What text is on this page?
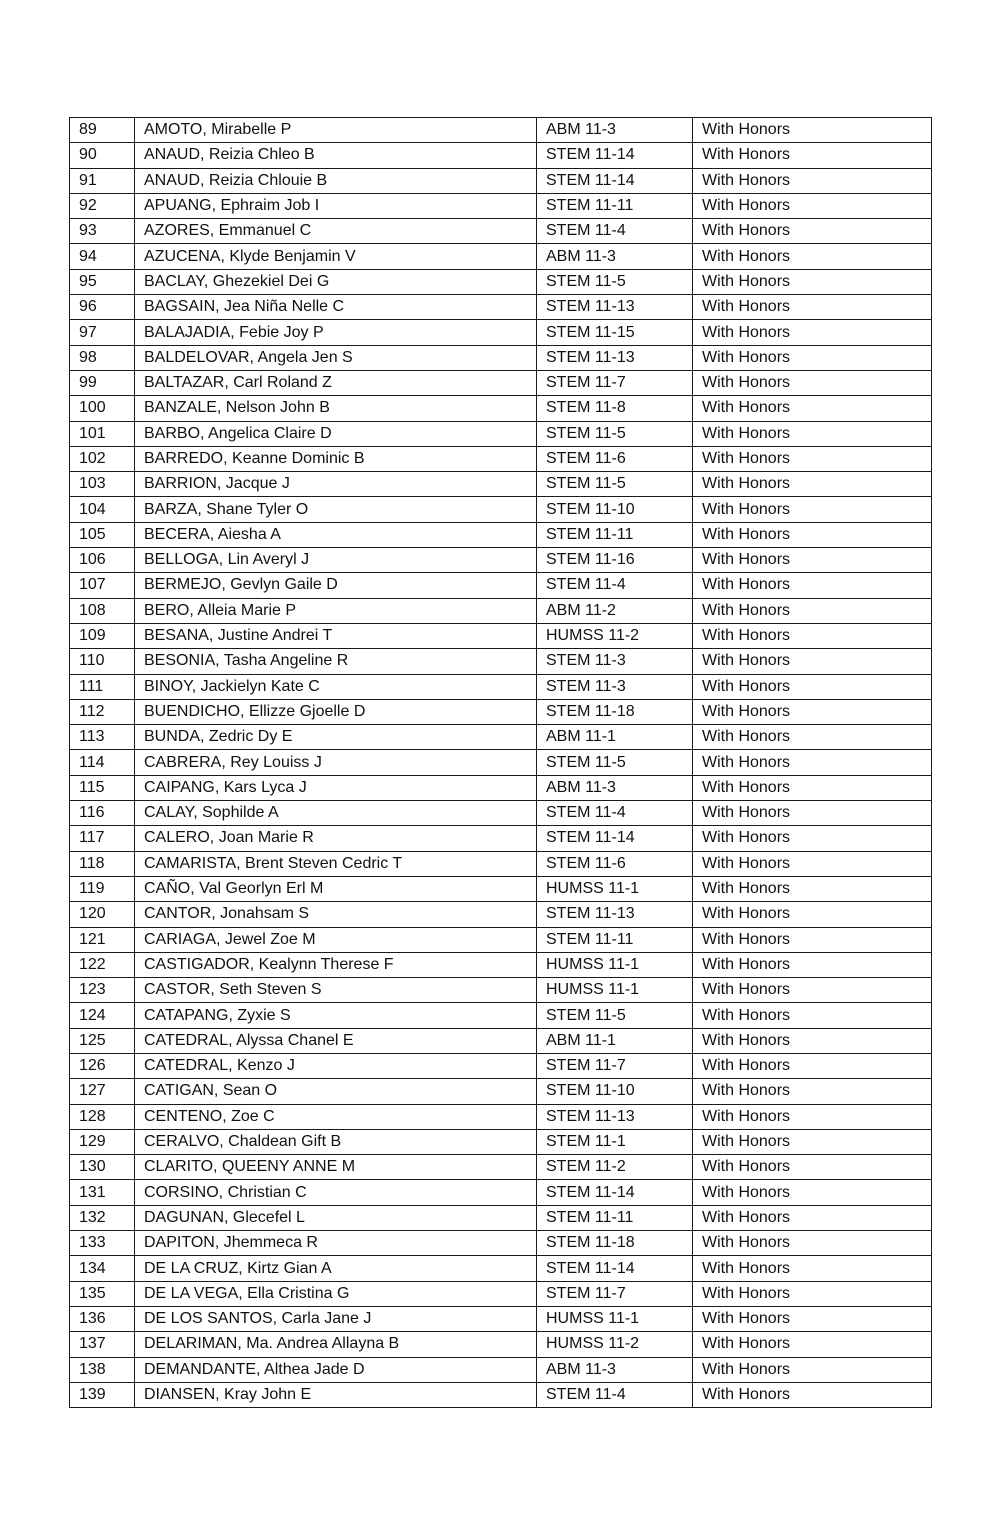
89	AMOTO, Mirabelle P	ABM 11-3	With Honors
90	ANAUD, Reizia Chleo B	STEM 11-14	With Honors
91	ANAUD, Reizia Chlouie B	STEM 11-14	With Honors
92	APUANG, Ephraim Job I	STEM 11-11	With Honors
93	AZORES, Emmanuel C	STEM 11-4	With Honors
94	AZUCENA, Klyde Benjamin V	ABM 11-3	With Honors
95	BACLAY, Ghezekiel Dei G	STEM 11-5	With Honors
96	BAGSAIN, Jea Niña Nelle C	STEM 11-13	With Honors
97	BALAJADIA, Febie Joy P	STEM 11-15	With Honors
98	BALDELOVAR, Angela Jen S	STEM 11-13	With Honors
99	BALTAZAR, Carl Roland Z	STEM 11-7	With Honors
100	BANZALE, Nelson John B	STEM 11-8	With Honors
101	BARBO, Angelica Claire D	STEM 11-5	With Honors
102	BARREDO, Keanne Dominic B	STEM 11-6	With Honors
103	BARRION, Jacque J	STEM 11-5	With Honors
104	BARZA, Shane Tyler O	STEM 11-10	With Honors
105	BECERA, Aiesha A	STEM 11-11	With Honors
106	BELLOGA, Lin Averyl J	STEM 11-16	With Honors
107	BERMEJO, Gevlyn Gaile D	STEM 11-4	With Honors
108	BERO, Alleia Marie P	ABM 11-2	With Honors
109	BESANA, Justine Andrei T	HUMSS 11-2	With Honors
110	BESONIA, Tasha Angeline R	STEM 11-3	With Honors
111	BINOY, Jackielyn Kate C	STEM 11-3	With Honors
112	BUENDICHO, Ellizze Gjoelle D	STEM 11-18	With Honors
113	BUNDA, Zedric Dy E	ABM 11-1	With Honors
114	CABRERA, Rey Louiss J	STEM 11-5	With Honors
115	CAIPANG, Kars Lyca J	ABM 11-3	With Honors
116	CALAY, Sophilde A	STEM 11-4	With Honors
117	CALERO, Joan Marie R	STEM 11-14	With Honors
118	CAMARISTA, Brent Steven Cedric T	STEM 11-6	With Honors
119	CAÑO, Val Georlyn Erl M	HUMSS 11-1	With Honors
120	CANTOR, Jonahsam S	STEM 11-13	With Honors
121	CARIAGA, Jewel Zoe M	STEM 11-11	With Honors
122	CASTIGADOR, Kealynn Therese F	HUMSS 11-1	With Honors
123	CASTOR, Seth Steven S	HUMSS 11-1	With Honors
124	CATAPANG, Zyxie S	STEM 11-5	With Honors
125	CATEDRAL, Alyssa Chanel E	ABM 11-1	With Honors
126	CATEDRAL, Kenzo J	STEM 11-7	With Honors
127	CATIGAN, Sean O	STEM 11-10	With Honors
128	CENTENO, Zoe C	STEM 11-13	With Honors
129	CERALVO, Chaldean Gift B	STEM 11-1	With Honors
130	CLARITO, QUEENY ANNE M	STEM 11-2	With Honors
131	CORSINO, Christian C	STEM 11-14	With Honors
132	DAGUNAN, Glecefel L	STEM 11-11	With Honors
133	DAPITON, Jhemmeca R	STEM 11-18	With Honors
134	DE LA CRUZ, Kirtz Gian A	STEM 11-14	With Honors
135	DE LA VEGA, Ella Cristina G	STEM 11-7	With Honors
136	DE LOS SANTOS, Carla Jane J	HUMSS 11-1	With Honors
137	DELARIMAN, Ma. Andrea Allayna B	HUMSS 11-2	With Honors
138	DEMANDANTE, Althea Jade D	ABM 11-3	With Honors
139	DIANSEN, Kray John E	STEM 11-4	With Honors
